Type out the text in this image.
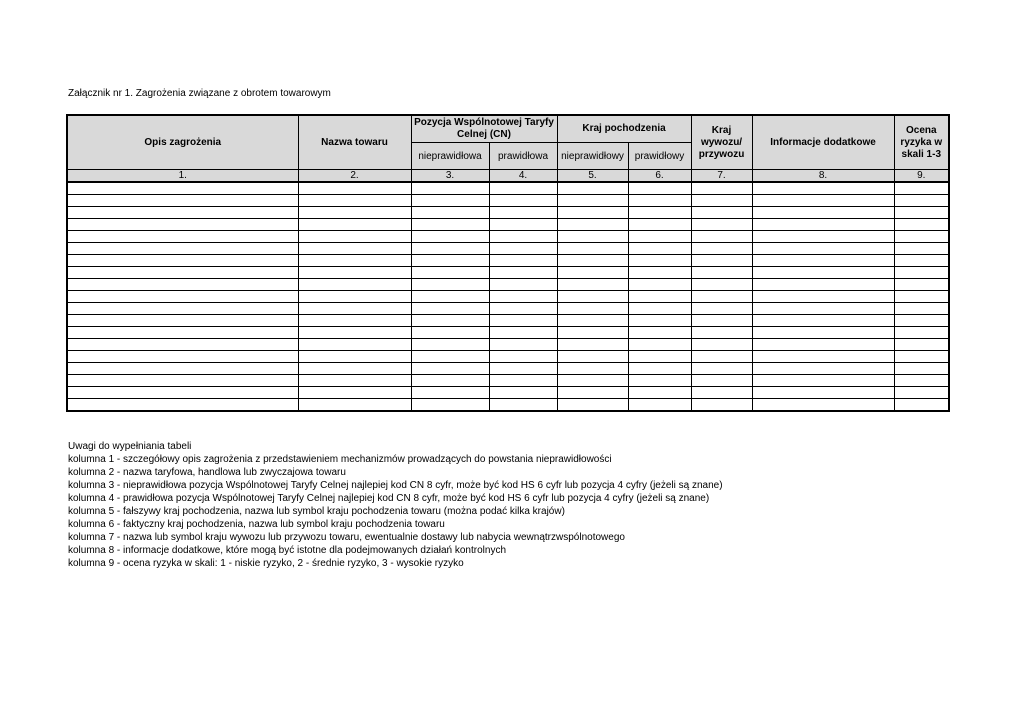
Załącznik nr 1. Zagrożenia związane z obrotem towarowym
Opis zagrożenia	Nazwa towaru	Pozycja Wspólnotowej Taryfy Celnej (CN)		Kraj pochodzenia		Kraj wywozu/ przywozu	Informacje dodatkowe	Ocena ryzyka w skali 1-3
		nieprawidłowa	prawidłowa	nieprawidłowy	prawidłowy			
1.	2.	3.	4.	5.	6.	7.	8.	9.

Uwagi do wypełniania tabeli
kolumna 1 - szczegółowy opis zagrożenia z przedstawieniem mechanizmów prowadzących do powstania nieprawidłowości
kolumna 2 - nazwa taryfowa, handlowa lub zwyczajowa towaru
kolumna 3 - nieprawidłowa pozycja Wspólnotowej Taryfy Celnej najlepiej kod CN 8 cyfr, może być kod HS 6 cyfr lub pozycja 4 cyfry (jeżeli są znane)
kolumna 4 - prawidłowa pozycja Wspólnotowej Taryfy Celnej najlepiej kod CN 8 cyfr, może być kod HS 6 cyfr lub pozycja 4 cyfry (jeżeli są znane)
kolumna 5 - fałszywy kraj pochodzenia, nazwa lub symbol kraju pochodzenia towaru (można podać kilka krajów)
kolumna 6 - faktyczny kraj pochodzenia, nazwa lub symbol kraju pochodzenia towaru
kolumna 7 - nazwa lub symbol kraju wywozu lub przywozu towaru, ewentualnie dostawy lub nabycia wewnątrzwspólnotowego
kolumna 8 - informacje dodatkowe, które mogą być istotne dla podejmowanych działań kontrolnych
kolumna 9 - ocena ryzyka w skali: 1 - niskie ryzyko, 2 - średnie ryzyko, 3 - wysokie ryzyko
